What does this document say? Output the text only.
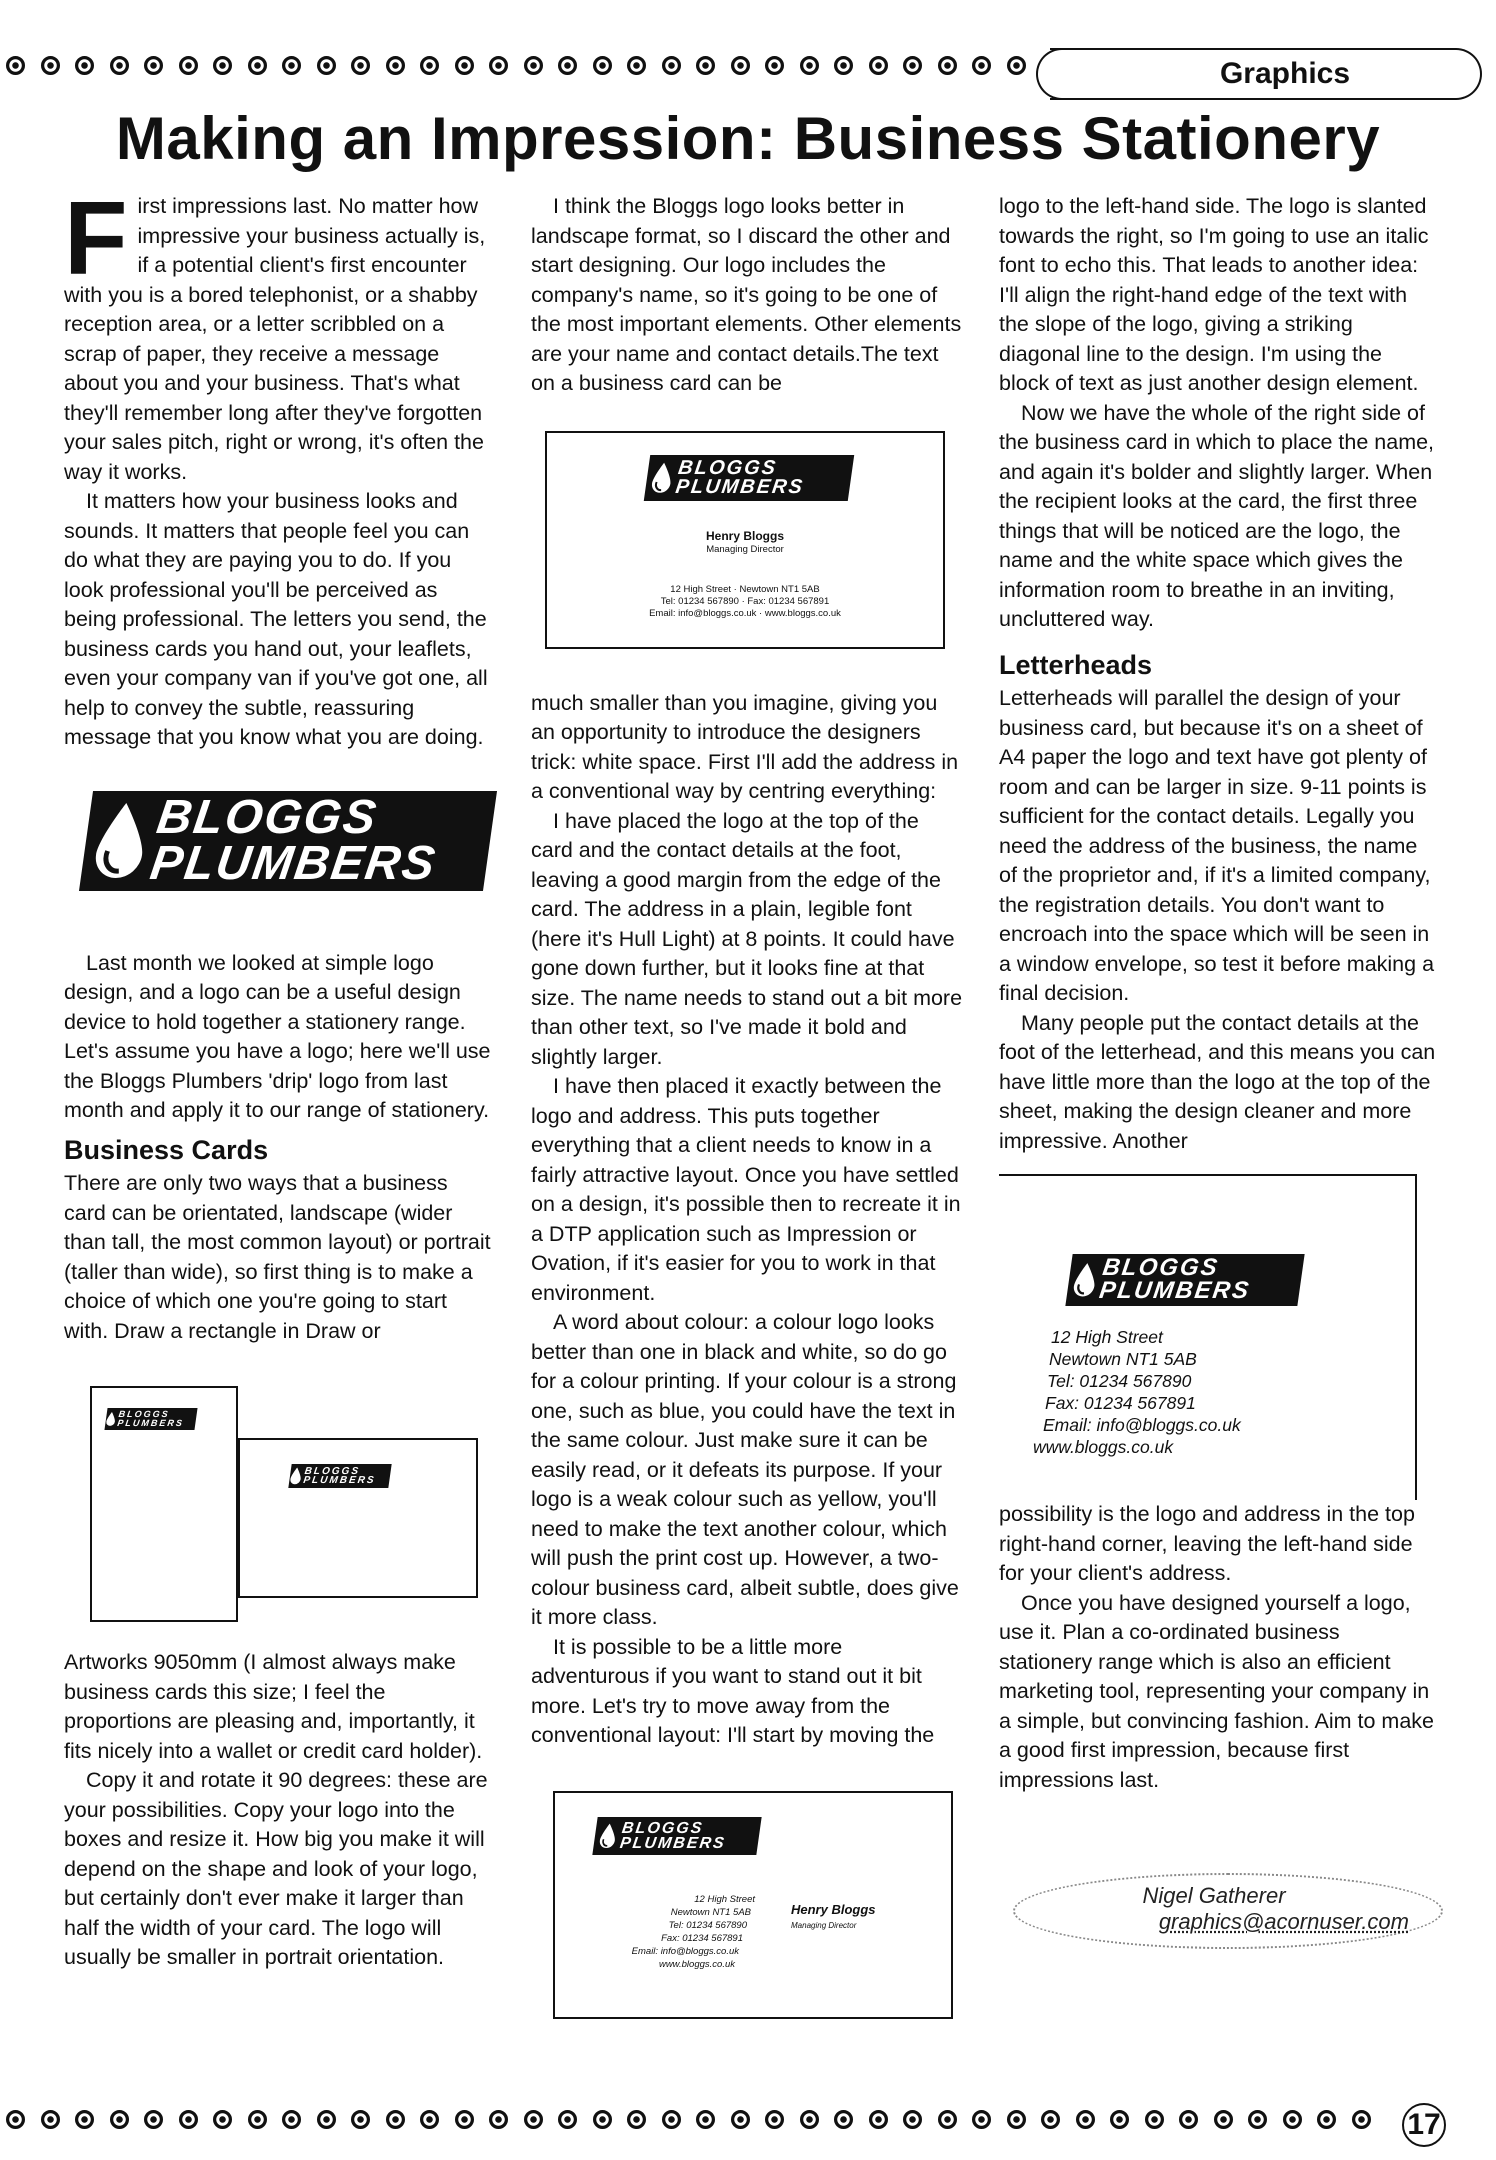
Graphics
Making an Impression: Business Stationery

First impressions last. No matter how impressive your business actually is, if a potential client's first encounter with you is a bored telephonist, or a shabby reception area, or a letter scribbled on a scrap of paper, they receive a message about you and your business. That's what they'll remember long after they've forgotten your sales pitch, right or wrong, it's often the way it works.

It matters how your business looks and sounds. It matters that people feel you can do what they are paying you to do. If you look professional you'll be perceived as being professional. The letters you send, the business cards you hand out, your leaflets, even your company van if you've got one, all help to convey the subtle, reassuring message that you know what you are doing.

BLOGGS
PLUMBERS

Last month we looked at simple logo design, and a logo can be a useful design device to hold together a stationery range. Let's assume you have a logo; here we'll use the Bloggs Plumbers 'drip' logo from last month and apply it to our range of stationery.

Business Cards

There are only two ways that a business card can be orientated, landscape (wider than tall, the most common layout) or portrait (taller than wide), so first thing is to make a choice of which one you're going to start with. Draw a rectangle in Draw or

BLOGGS
PLUMBERS
BLOGGS
PLUMBERS

Artworks 9050mm (I almost always make business cards this size; I feel the proportions are pleasing and, importantly, it fits nicely into a wallet or credit card holder).

Copy it and rotate it 90 degrees: these are your possibilities. Copy your logo into the boxes and resize it. How big you make it will depend on the shape and look of your logo, but certainly don't ever make it larger than half the width of your card. The logo will usually be smaller in portrait orientation.

I think the Bloggs logo looks better in landscape format, so I discard the other and start designing. Our logo includes the company's name, so it's going to be one of the most important elements. Other elements are your name and contact details.The text on a business card can be

BLOGGS
PLUMBERS
Henry Bloggs
Managing Director
12 High Street · Newtown NT1 5AB
Tel: 01234 567890 · Fax: 01234 567891
Email: info@bloggs.co.uk · www.bloggs.co.uk

much smaller than you imagine, giving you an opportunity to introduce the designers trick: white space. First I'll add the address in a conventional way by centring everything:

I have placed the logo at the top of the card and the contact details at the foot, leaving a good margin from the edge of the card. The address in a plain, legible font (here it's Hull Light) at 8 points. It could have gone down further, but it looks fine at that size. The name needs to stand out a bit more than other text, so I've made it bold and slightly larger.

I have then placed it exactly between the logo and address. This puts together everything that a client needs to know in a fairly attractive layout. Once you have settled on a design, it's possible then to recreate it in a DTP application such as Impression or Ovation, if it's easier for you to work in that environment.

A word about colour: a colour logo looks better than one in black and white, so do go for a colour printing. If your colour is a strong one, such as blue, you could have the text in the same colour. Just make sure it can be easily read, or it defeats its purpose. If your logo is a weak colour such as yellow, you'll need to make the text another colour, which will push the print cost up. However, a two-colour business card, albeit subtle, does give it more class.

It is possible to be a little more adventurous if you want to stand out it bit more. Let's try to move away from the conventional layout: I'll start by moving the

BLOGGS
PLUMBERS
12 High Street
Newtown NT1 5AB
Tel: 01234 567890
Fax: 01234 567891
Email: info@bloggs.co.uk
www.bloggs.co.uk
Henry Bloggs
Managing Director

logo to the left-hand side. The logo is slanted towards the right, so I'm going to use an italic font to echo this. That leads to another idea: I'll align the right-hand edge of the text with the slope of the logo, giving a striking diagonal line to the design. I'm using the block of text as just another design element.

Now we have the whole of the right side of the business card in which to place the name, and again it's bolder and slightly larger. When the recipient looks at the card, the first three things that will be noticed are the logo, the name and the white space which gives the information room to breathe in an inviting, uncluttered way.

Letterheads

Letterheads will parallel the design of your business card, but because it's on a sheet of A4 paper the logo and text have got plenty of room and can be larger in size. 9-11 points is sufficient for the contact details. Legally you need the address of the business, the name of the proprietor and, if it's a limited company, the registration details. You don't want to encroach into the space which will be seen in a window envelope, so test it before making a final decision.

Many people put the contact details at the foot of the letterhead, and this means you can have little more than the logo at the top of the sheet, making the design cleaner and more impressive. Another

BLOGGS
PLUMBERS
12 High Street
Newtown NT1 5AB
Tel: 01234 567890
Fax: 01234 567891
Email: info@bloggs.co.uk
www.bloggs.co.uk

possibility is the logo and address in the top right-hand corner, leaving the left-hand side for your client's address.

Once you have designed yourself a logo, use it. Plan a co-ordinated business stationery range which is also an efficient marketing tool, representing your company in a simple, but convincing fashion. Aim to make a good first impression, because first impressions last.

Nigel Gatherer
graphics@acornuser.com
17
